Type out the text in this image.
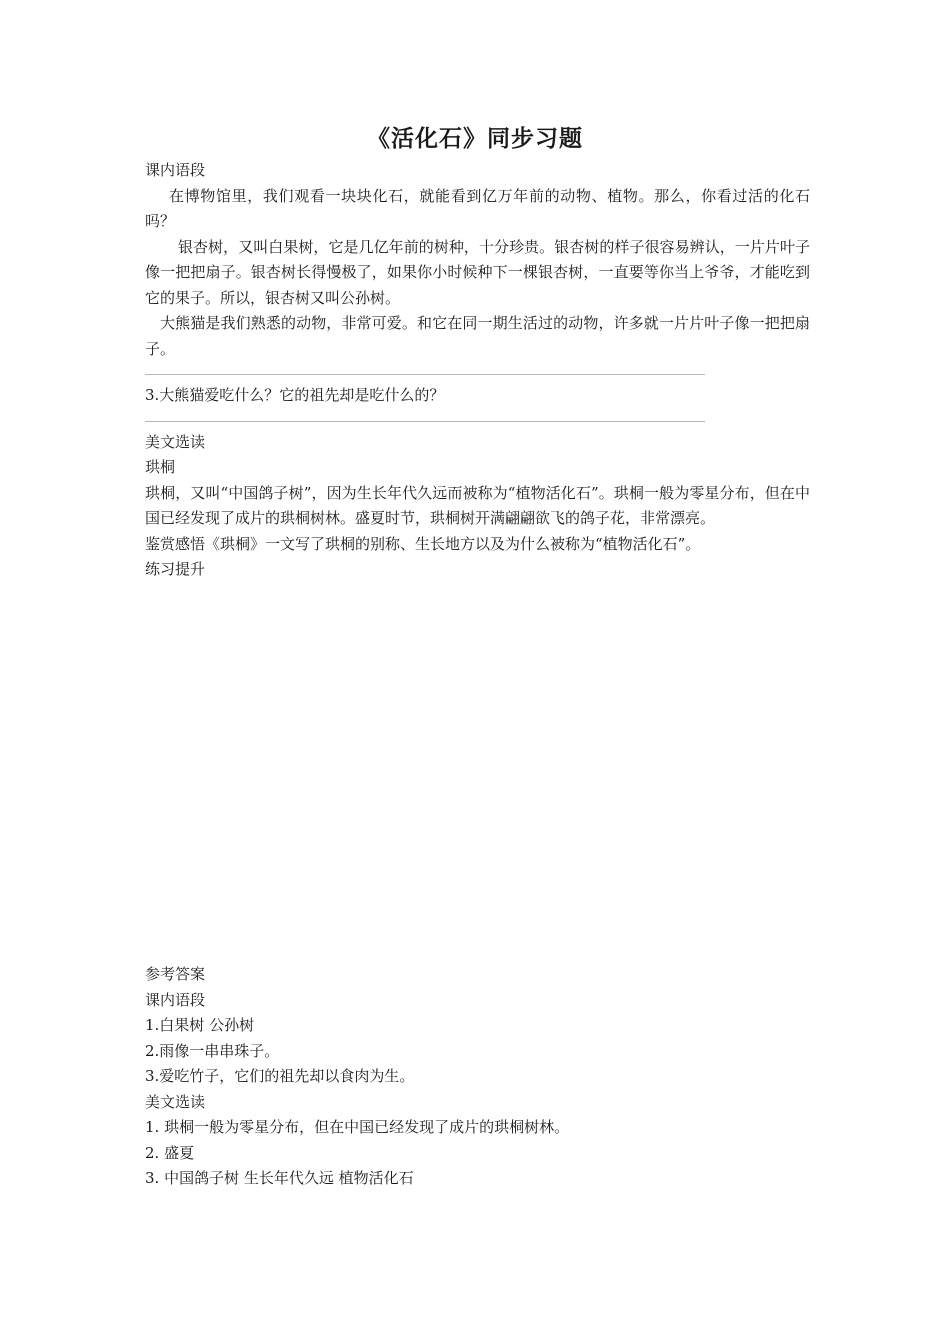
《活化石》同步习题

课内语段

在博物馆里，我们观看一块块化石，就能看到亿万年前的动物、植物。那么，你看过活的化石吗？

银杏树，又叫白果树，它是几亿年前的树种，十分珍贵。银杏树的样子很容易辨认，一片片叶子像一把把扇子。银杏树长得慢极了，如果你小时候种下一棵银杏树，一直要等你当上爷爷，才能吃到它的果子。所以，银杏树又叫公孙树。

大熊猫是我们熟悉的动物，非常可爱。和它在同一期生活过的动物，许多就一片片叶子像一把把扇子。

3.大熊猫爱吃什么？它的祖先却是吃什么的？

美文选读

珙桐

珙桐，又叫“中国鸽子树”，因为生长年代久远而被称为“植物活化石”。珙桐一般为零星分布，但在中国已经发现了成片的珙桐树林。盛夏时节，珙桐树开满翩翩欲飞的鸽子花，非常漂亮。

鉴赏感悟《珙桐》一文写了珙桐的别称、生长地方以及为什么被称为“植物活化石”。

练习提升

参考答案

课内语段

1.白果树 公孙树

2.雨像一串串珠子。

3.爱吃竹子，它们的祖先却以食肉为生。

美文选读

1. 珙桐一般为零星分布，但在中国已经发现了成片的珙桐树林。

2. 盛夏

3. 中国鸽子树 生长年代久远 植物活化石
